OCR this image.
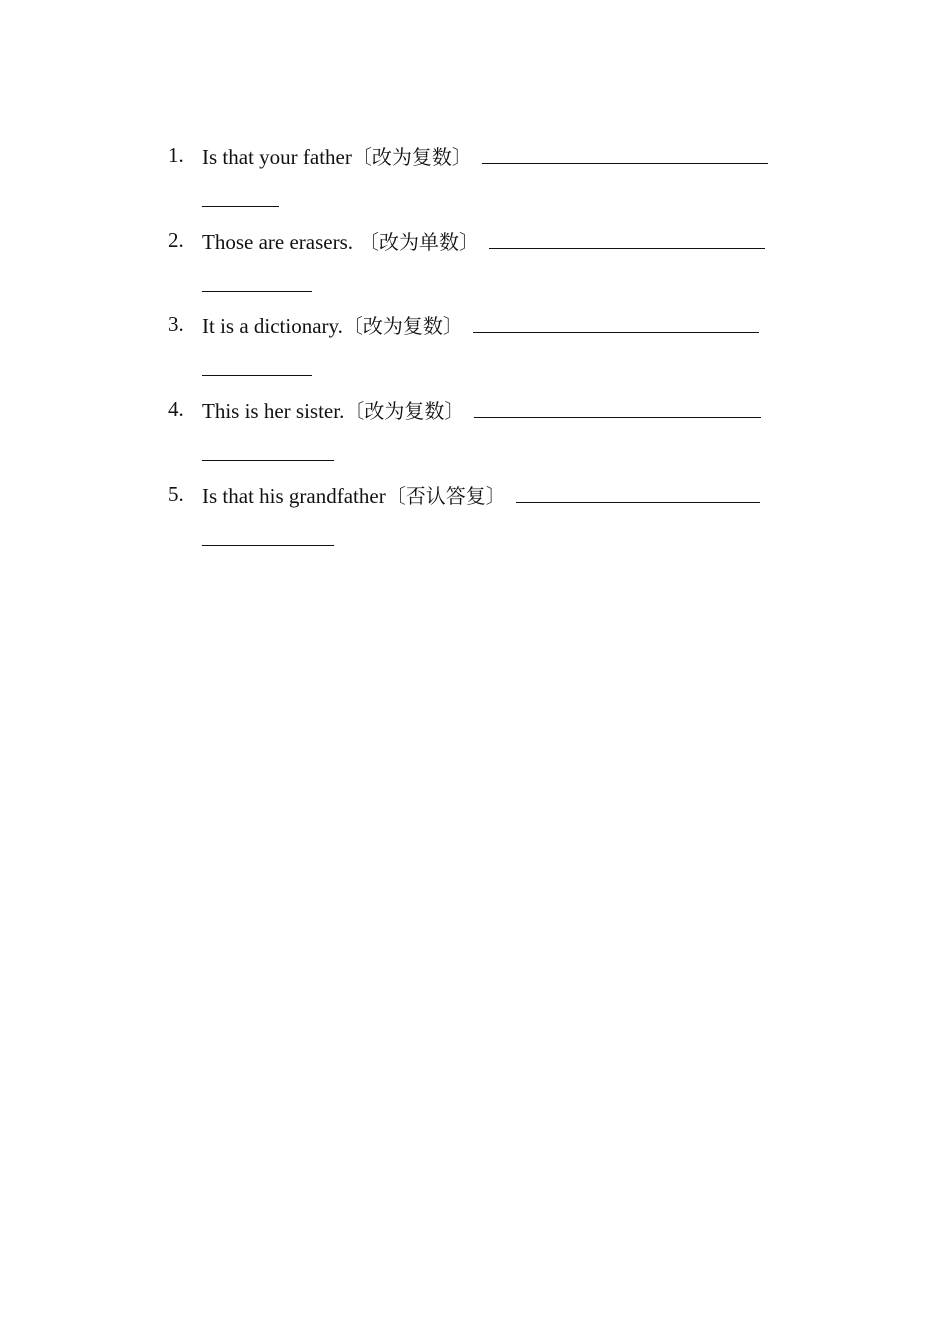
1. Is that your father〔改为复数〕
2. Those are erasers. 〔改为单数〕
3. It is a dictionary.〔改为复数〕
4. This is her sister.〔改为复数〕
5. Is that his grandfather〔否认答复〕
